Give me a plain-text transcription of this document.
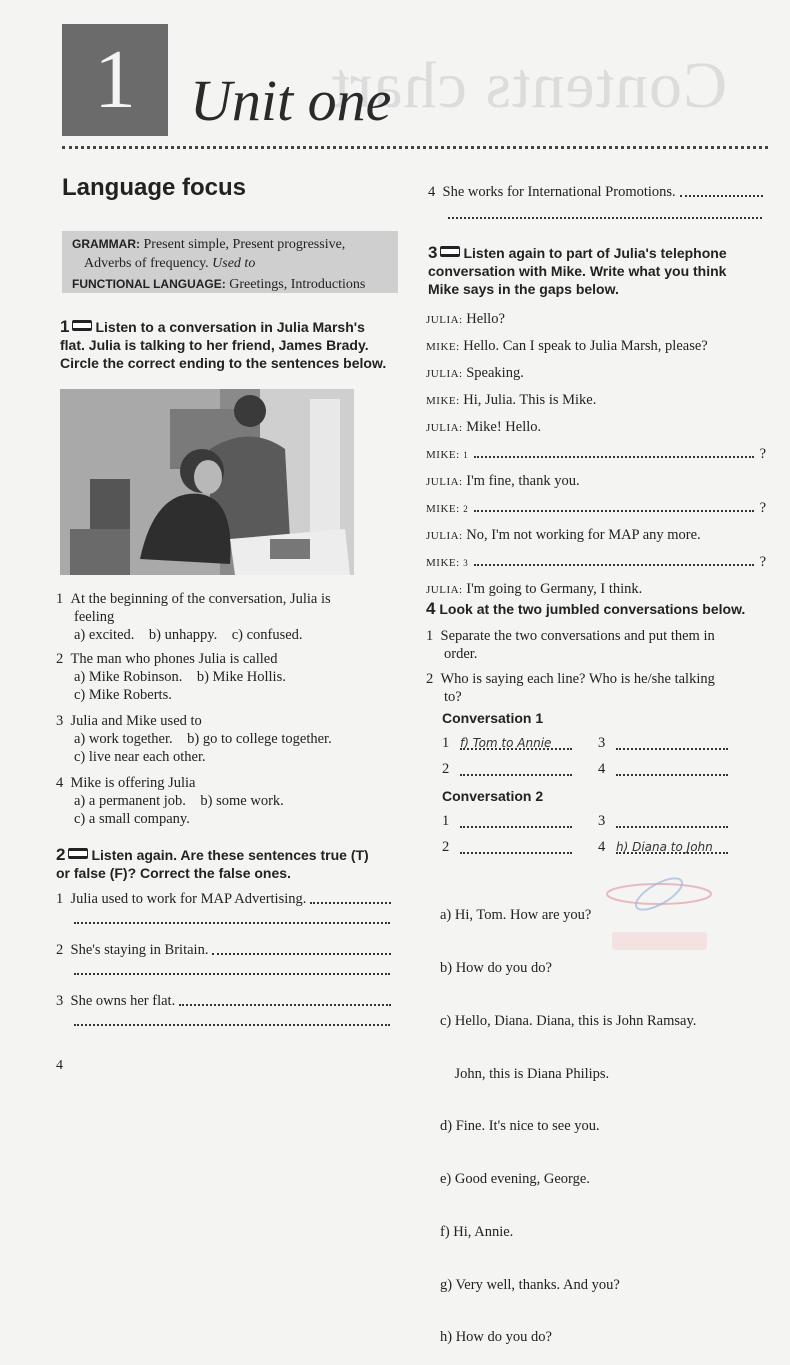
Contents chart
1 Unit one
Language focus
GRAMMAR: Present simple, Present progressive,
Adverbs of frequency. Used to
FUNCTIONAL LANGUAGE: Greetings, Introductions
1 Listen to a conversation in Julia Marsh's
flat. Julia is talking to her friend, James Brady.
Circle the correct ending to the sentences below.
1 At the beginning of the conversation, Julia is
feeling
a) excited.    b) unhappy.    c) confused.
2 The man who phones Julia is called
a) Mike Robinson.    b) Mike Hollis.
c) Mike Roberts.
3 Julia and Mike used to
a) work together.    b) go to college together.
c) live near each other.
4 Mike is offering Julia
a) a permanent job.    b) some work.
c) a small company.
2 Listen again. Are these sentences true (T)
or false (F)? Correct the false ones.
1
Julia used to work for MAP Advertising.
2
She's staying in Britain.
3
She owns her flat.
4
She works for International Promotions.
3 Listen again to part of Julia's telephone
conversation with Mike. Write what you think
Mike says in the gaps below.
JULIA: Hello?
MIKE: Hello. Can I speak to Julia Marsh, please?
JULIA: Speaking.
MIKE: Hi, Julia. This is Mike.
JULIA: Mike! Hello.
MIKE:
1	?
JULIA: I'm fine, thank you.
MIKE:
2	?
JULIA: No, I'm not working for MAP any more.
MIKE:
3	?
JULIA: I'm going to Germany, I think.
4 Look at the two jumbled conversations below.
1 Separate the two conversations and put them in
order.
2 Who is saying each line? Who is he/she talking
to?
Conversation 1
1 f) Tom to Annie	3
2	4
Conversation 2
1	3
2	4 h) Diana to John

a) Hi, Tom. How are you?

b) How do you do?

c) Hello, Diana. Diana, this is John Ramsay.

John, this is Diana Philips.

d) Fine. It's nice to see you.

e) Good evening, George.

f) Hi, Annie.

g) Very well, thanks. And you?

h) How do you do?

4
